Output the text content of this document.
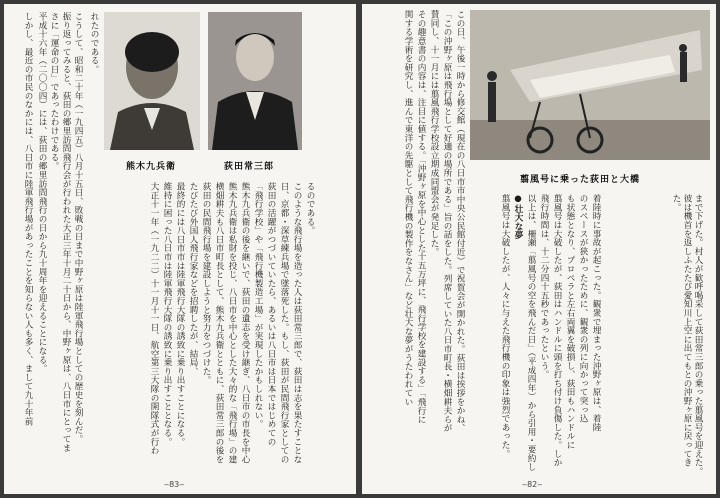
熊木九兵衛	荻田常三郎
れたのである。
こうして、昭和二十年（一九四五）八月十五日、敗戦の日まで中野ヶ原は陸軍飛行場としての歴史を刻んだ。
振り返ってみると、荻田の郷里訪問飛行会が行われた大正三年十月二十日から、中野ヶ原は、八日市にとってま
さに「運命の日」であったわけである。
平成十六年（二〇〇四）には、荻田の郷里訪問飛行の日から九十周年を迎えることになる。
しかし、最近の市民のなかには、八日市に陸軍飛行場があったことを知らない人も多く、まして九十年前	るのである。
このような飛行場を造った人は荻田常三郎で、荻田は志を果たすことな
日、京都・深草練兵場で墜落死した。もし、荻田が民間飛行家としての
荻田の活躍がつづいていたら、あるいは八日市は日本ではじめての
「飛行学校」や「飛行機製造工場」が実現したかもしれない。
熊木九兵衛の後を継いで、荻田の遺志を受け継ぎ、八日市の市長を中心
熊木九兵衛は私財を投じ、八日市を中心とした大々的な「飛行場」の建
横畑耕夫も八日市町長として、熊木九兵衛とともに、荻田常三郎の後を
荻田の民間飛行場を建設しようと努力をつづけた。
たびたび外国人飛行家などを招聘したが、結局、
最終的には八日市市は陸軍飛行大隊の誘致に乗り出すことになる。
維持に困った八日市は陸軍飛行大隊の誘致に乗り出すこととなる。
大正十一年（一九二二）十一月十一日、航空第三大隊の開隊式が行わ
‒83‒
翦風号に乗った荻田と大橋
この日、午後一時から修交館（現在の八日市市中央公民館付近）で祝賀会が開かれた。荻田は挨拶をかね、
「この沖野ヶ原は飛行場として好適の場所である」旨の話をした。列席していた八日市町長・横畑耕夫らが
賛同し、十一月には翦風飛行学校設立期成同盟会が発足した。
その趣意書の内容は、注目に値する。「沖野ヶ原を中心とした十五万坪に、飛行学校を建設する」「飛行に
関する学術を研究し、進んで東洋の先駆として飛行機の製作をなさん」など壮大な夢がうたわれてい	●壮大な夢
翦風号は大破したが、人々に与えた飛行機の印象は強烈であった。 以上は、柵瀬「翦風号の空を飛んだ日」（平成四年）から引用・要約し
飛行時間は、十二分四十五秒であったという。 翦風号は大破したが、荻田はハンドルに頭を打ち付け負傷した。しか
も状態となり、プロペラと左右両翼を破損し、荻田もハンドルに のスペースが狭かったために、観衆の列に向かって突っ込 着陸時に事故が起こった。観衆で埋まった沖野ヶ原は、着陸	まで下げた。村人が歓呼喝采して荻田常三郎の乗った翦風号を迎えた。彼は機首を返しふたたび愛知川上空に出てもとの沖野ヶ原に戻ってきた。
‒82‒
